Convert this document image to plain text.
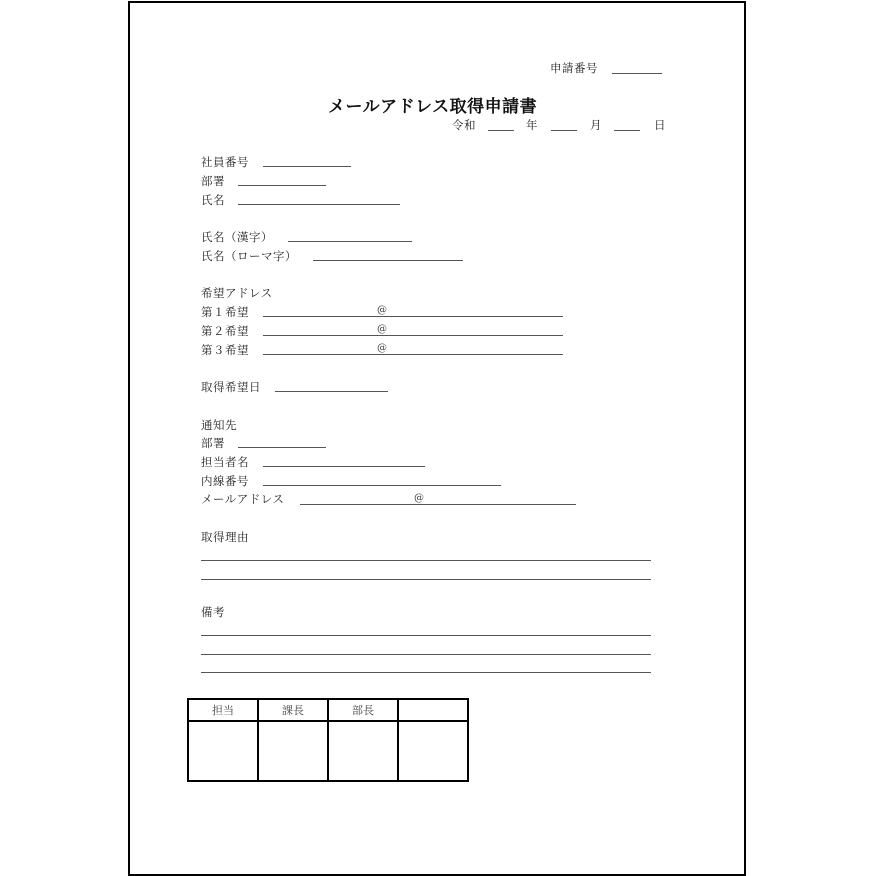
申請番号
メールアドレス取得申請書
令和	年	月	日
社員番号
部署
氏名
氏名（漢字）
氏名（ローマ字）
希望アドレス
第１希望	@
第２希望	@
第３希望	@
取得希望日
通知先
部署
担当者名
内線番号
メールアドレス	@
取得理由
備考
担当	課長	部長	
